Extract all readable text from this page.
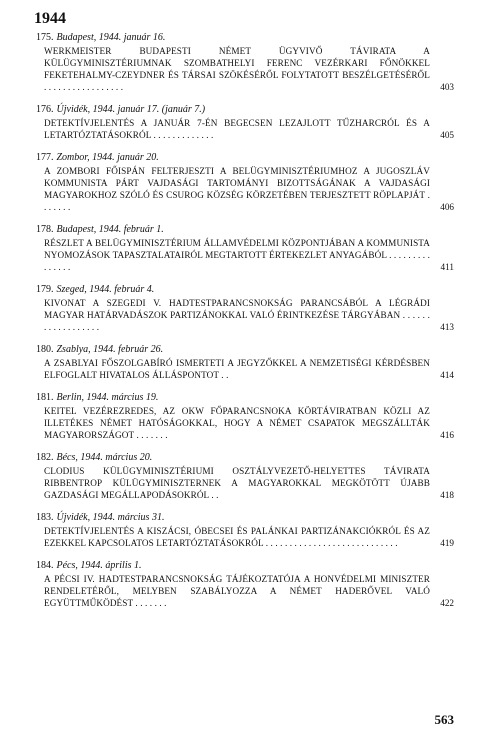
1944
175. Budapest, 1944. január 16.
WERKMEISTER BUDAPESTI NÉMET ÜGYVIVŐ TÁVIRATA A KÜLÜGYMINISZTÉRIUMNAK SZOMBATHELYI FERENC VEZÉRKARI FŐNÖKKEL FEKETEHALMY-CZEYDNER ÉS TÁRSAI SZÖKÉSÉRŐL FOLYTATOTT BESZÉLGETÉSÉRŐL . . . . . . . . . . . . . . . . .	403
176. Újvidék, 1944. január 17. (január 7.)
DETEKTÍVJELENTÉS A JANUÁR 7-ÉN BEGECSEN LEZAJLOTT TŰZHARCRÓL ÉS A LETARTÓZTATÁSOKRÓL . . . . . . . . . . . . .	405
177. Zombor, 1944. január 20.
A ZOMBORI FŐISPÁN FELTERJESZTI A BELÜGYMINISZTÉRIUMHOZ A JUGOSZLÁV KOMMUNISTA PÁRT VAJDASÁGI TARTOMÁNYI BIZOTTSÁGÁNAK A VAJDASÁGI MAGYAROKHOZ SZÓLÓ ÉS CSUROG KÖZSÉG KÖRZETÉBEN TERJESZTETT RÖPLAPJÁT . . . . . . .	406
178. Budapest, 1944. február 1.
RÉSZLET A BELÜGYMINISZTÉRIUM ÁLLAMVÉDELMI KÖZPONTJÁBAN A KOMMUNISTA NYOMOZÁSOK TAPASZTALATAIRÓL MEGTARTOTT ÉRTEKEZLET ANYAGÁBÓL . . . . . . . . . . . . . . .	411
179. Szeged, 1944. február 4.
KIVONAT A SZEGEDI V. HADTESTPARANCSNOKSÁG PARANCSÁBÓL A LÉGRÁDI MAGYAR HATÁRVADÁSZOK PARTIZÁNOKKAL VALÓ ÉRINTKEZÉSE TÁRGYÁBAN . . . . . . . . . . . . . . . . . .	413
180. Zsablya, 1944. február 26.
A ZSABLYAI FŐSZOLGABÍRÓ ISMERTETI A JEGYZŐKKEL A NEMZETISÉGI KÉRDÉSBEN ELFOGLALT HIVATALOS ÁLLÁSPONTOT . .	414
181. Berlin, 1944. március 19.
KEITEL VEZÉREZREDES, AZ OKW FŐPARANCSNOKA KÖRTÁVIRATBAN KÖZLI AZ ILLETÉKES NÉMET HATÓSÁGOKKAL, HOGY A NÉMET CSAPATOK MEGSZÁLLTÁK MAGYARORSZÁGOT . . . . . . .	416
182. Bécs, 1944. március 20.
CLODIUS KÜLÜGYMINISZTÉRIUMI OSZTÁLYVEZETŐ-HELYETTES TÁVIRATA RIBBENTROP KÜLÜGYMINISZTERNEK A MAGYAROKKAL MEGKÖTÖTT ÚJABB GAZDASÁGI MEGÁLLAPODÁSOKRÓL . .	418
183. Újvidék, 1944. március 31.
DETEKTÍVJELENTÉS A KISZÁCSI, ÓBECSEI ÉS PALÁNKAI PARTIZÁNAKCIÓKRÓL ÉS AZ EZEKKEL KAPCSOLATOS LETARTÓZTATÁSOKRÓL . . . . . . . . . . . . . . . . . . . . . . . . . . . .	419
184. Pécs, 1944. április 1.
A PÉCSI IV. HADTESTPARANCSNOKSÁG TÁJÉKOZTATÓJA A HONVÉDELMI MINISZTER RENDELETÉRŐL, MELYBEN SZABÁLYOZZA A NÉMET HADERŐVEL VALÓ EGYÜTTMŰKÖDÉST . . . . . . .	422
563
